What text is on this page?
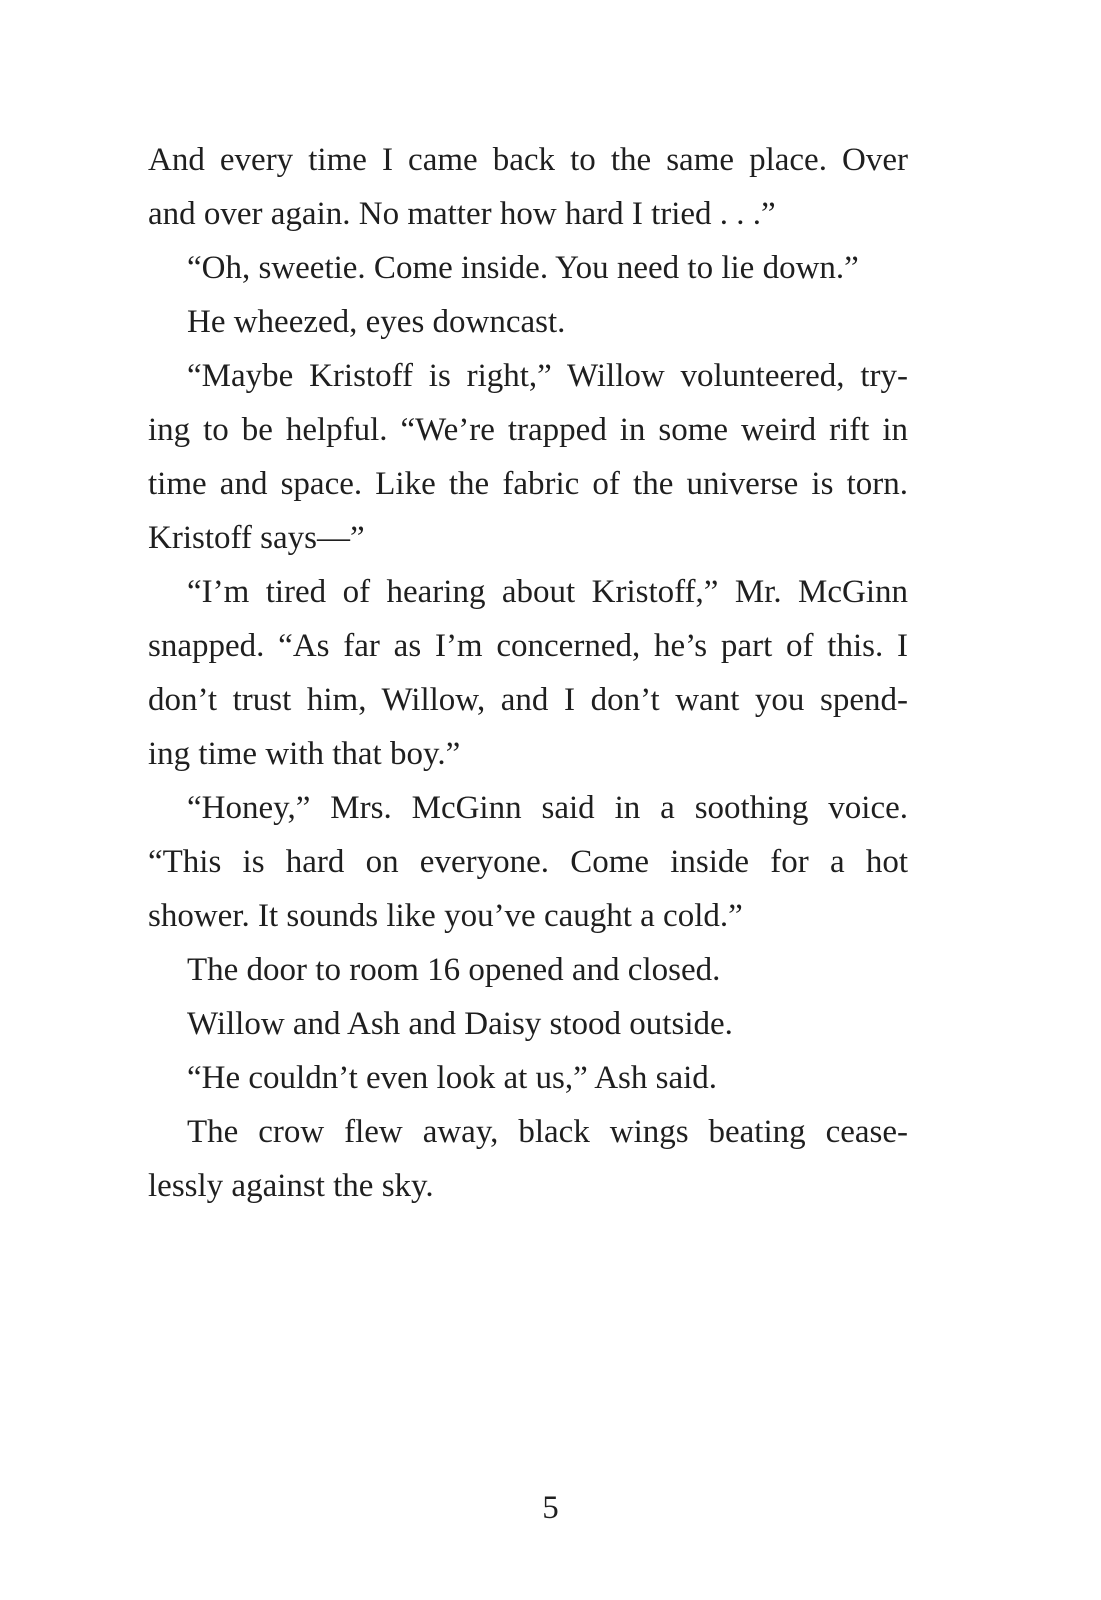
And every time I came back to the same place. Over
and over again. No matter how hard I tried . . .”
“Oh, sweetie. Come inside. You need to lie down.”
He wheezed, eyes downcast.
“Maybe Kristoff is right,” Willow volunteered, try-
ing to be helpful. “We’re trapped in some weird rift in
time and space. Like the fabric of the universe is torn.
Kristoff says—”
“I’m tired of hearing about Kristoff,” Mr. McGinn
snapped. “As far as I’m concerned, he’s part of this. I
don’t trust him, Willow, and I don’t want you spend-
ing time with that boy.”
“Honey,” Mrs. McGinn said in a soothing voice.
“This is hard on everyone. Come inside for a hot
shower. It sounds like you’ve caught a cold.”
The door to room 16 opened and closed.
Willow and Ash and Daisy stood outside.
“He couldn’t even look at us,” Ash said.
The crow flew away, black wings beating cease-
lessly against the sky.
5
